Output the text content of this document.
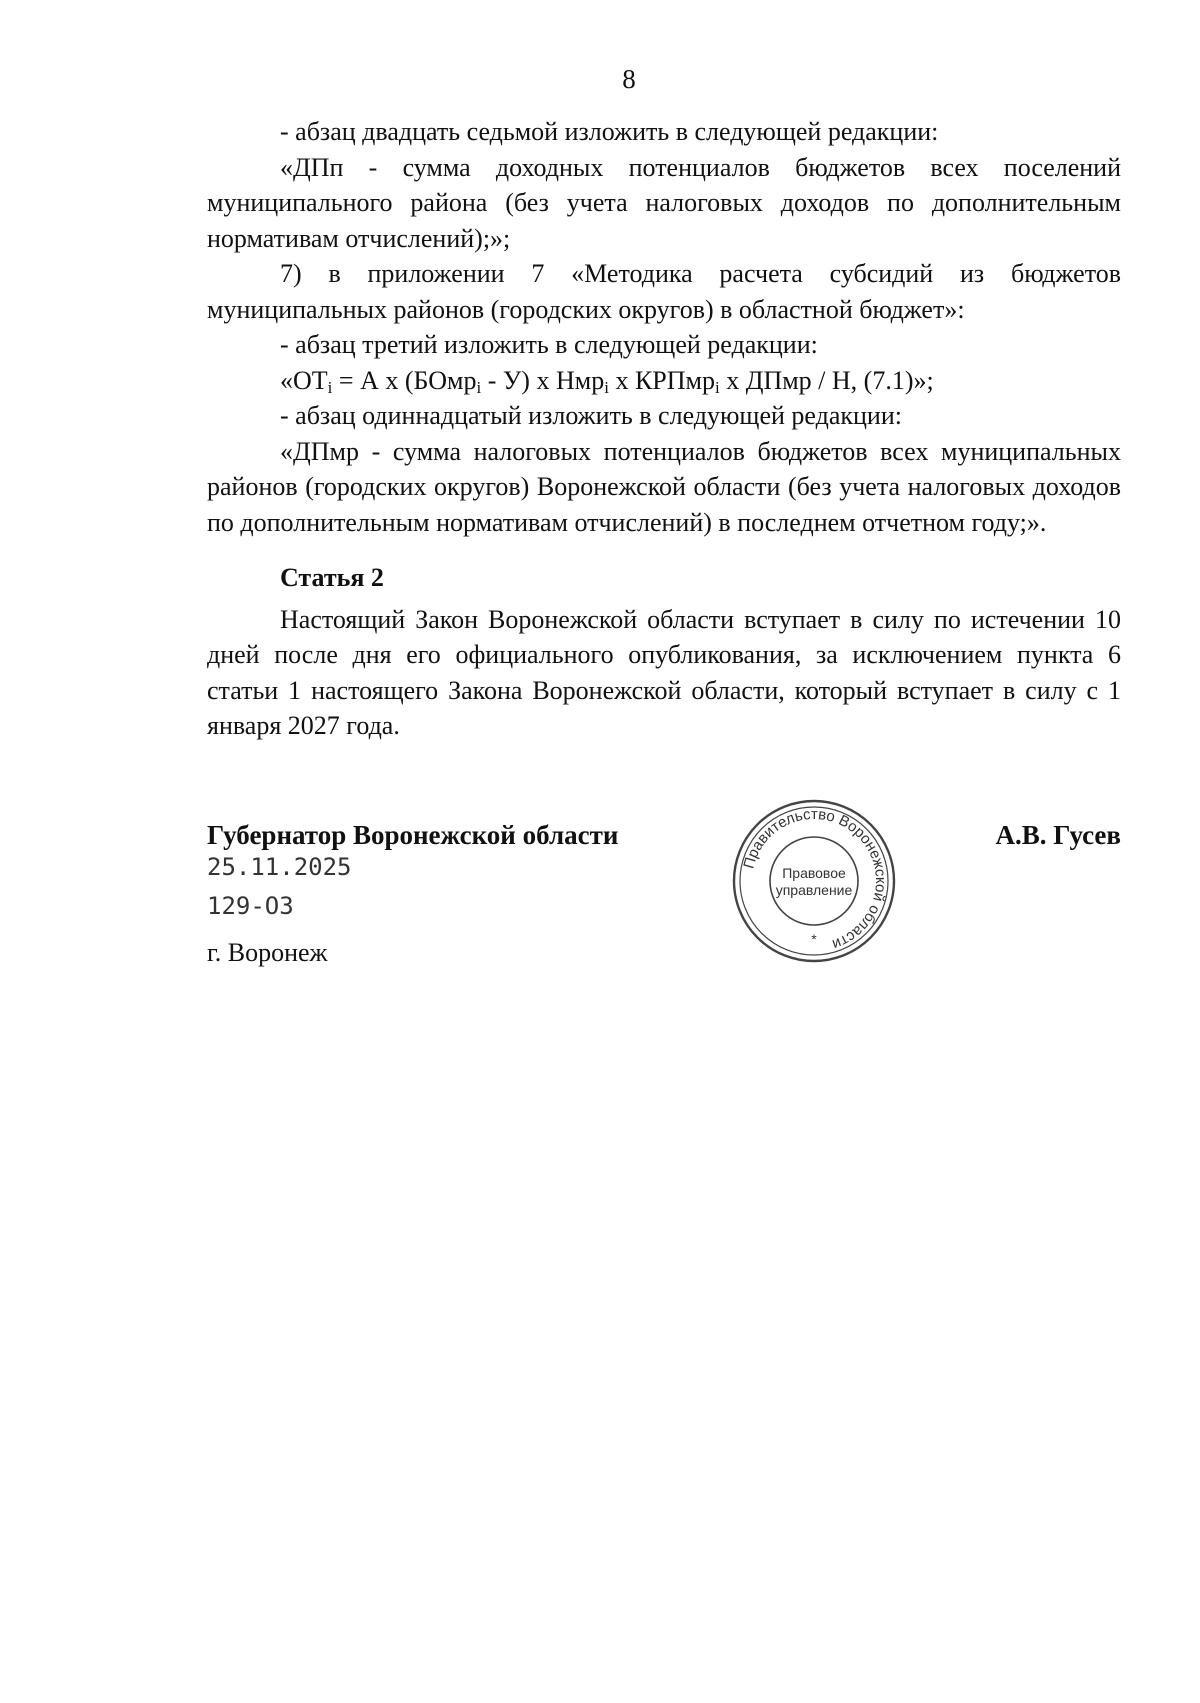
8

- абзац двадцать седьмой изложить в следующей редакции:

«ДПп - сумма доходных потенциалов бюджетов всех поселений муниципального района (без учета налоговых доходов по дополнительным нормативам отчислений);»;

7) в приложении 7 «Методика расчета субсидий из бюджетов муниципальных районов (городских округов) в областной бюджет»:

- абзац третий изложить в следующей редакции:

«$ОТ_i = А$ х (БОмр$_i$ - У) х Нмр$_i$ х КРПмр$_i$ х ДПмр / Н, (7.1)»;

- абзац одиннадцатый изложить в следующей редакции:

«ДПмр - сумма налоговых потенциалов бюджетов всех муниципальных районов (городских округов) Воронежской области (без учета налоговых доходов по дополнительным нормативам отчислений) в последнем отчетном году;».

Статья 2

Настоящий Закон Воронежской области вступает в силу по истечении 10 дней после дня его официального опубликования, за исключением пункта 6 статьи 1 настоящего Закона Воронежской области, который вступает в силу с 1 января 2027 года.

Губернатор Воронежской области
25.11.2025
129-ОЗ
г. Воронеж
А.В. Гусев
Правительство Воронежской области
Правовое
управление
*
